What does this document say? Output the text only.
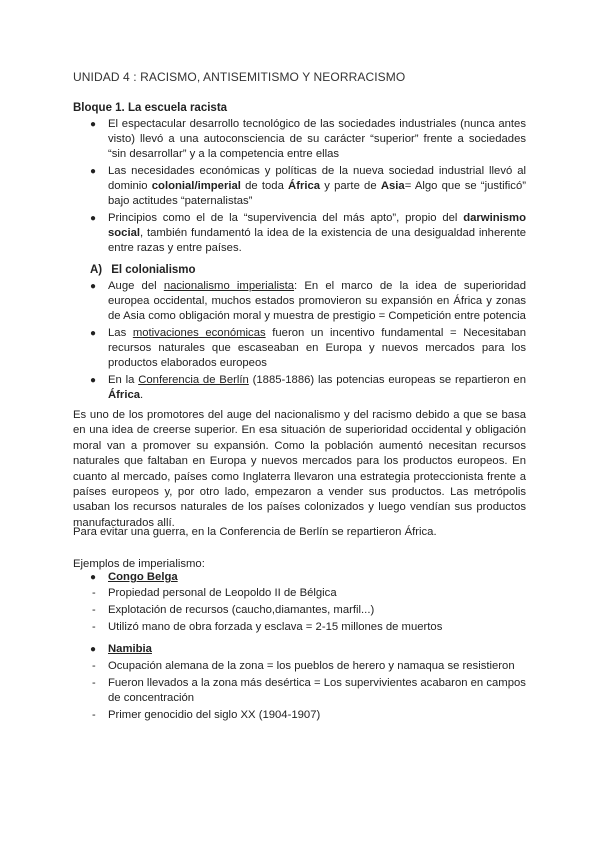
UNIDAD 4 : RACISMO, ANTISEMITISMO Y NEORRACISMO
Bloque 1. La escuela racista
● El espectacular desarrollo tecnológico de las sociedades industriales (nunca antes visto) llevó a una autoconsciencia de su carácter “superior” frente a sociedades “sin desarrollar” y a la competencia entre ellas
● Las necesidades económicas y políticas de la nueva sociedad industrial llevó al dominio colonial/imperial de toda África y parte de Asia= Algo que se “justificó” bajo actitudes “paternalistas”
● Principios como el de la “supervivencia del más apto”, propio del darwinismo social, también fundamentó la idea de la existencia de una desigualdad inherente entre razas y entre países.
A) El colonialismo
● Auge del nacionalismo imperialista: En el marco de la idea de superioridad europea occidental, muchos estados promovieron su expansión en África y zonas de Asia como obligación moral y muestra de prestigio = Competición entre potencia
● Las motivaciones económicas fueron un incentivo fundamental = Necesitaban recursos naturales que escaseaban en Europa y nuevos mercados para los productos elaborados europeos
● En la Conferencia de Berlín (1885-1886) las potencias europeas se repartieron en África.
Es uno de los promotores del auge del nacionalismo y del racismo debido a que se basa en una idea de creerse superior. En esa situación de superioridad occidental y obligación moral van a promover su expansión. Como la población aumentó necesitan recursos naturales que faltaban en Europa y nuevos mercados para los productos europeos. En cuanto al mercado, países como Inglaterra llevaron una estrategia proteccionista frente a países europeos y, por otro lado, empezaron a vender sus productos. Las metrópolis usaban los recursos naturales de los países colonizados y luego vendían sus productos manufacturados allí.
Para evitar una guerra, en la Conferencia de Berlín se repartieron África.
Ejemplos de imperialismo:
● Congo Belga
- Propiedad personal de Leopoldo II de Bélgica
- Explotación de recursos (caucho,diamantes, marfil...)
- Utilizó mano de obra forzada y esclava = 2-15 millones de muertos
● Namibia
- Ocupación alemana de la zona = los pueblos de herero y namaqua se resistieron
- Fueron llevados a la zona más desértica = Los supervivientes acabaron en campos de concentración
- Primer genocidio del siglo XX (1904-1907)
